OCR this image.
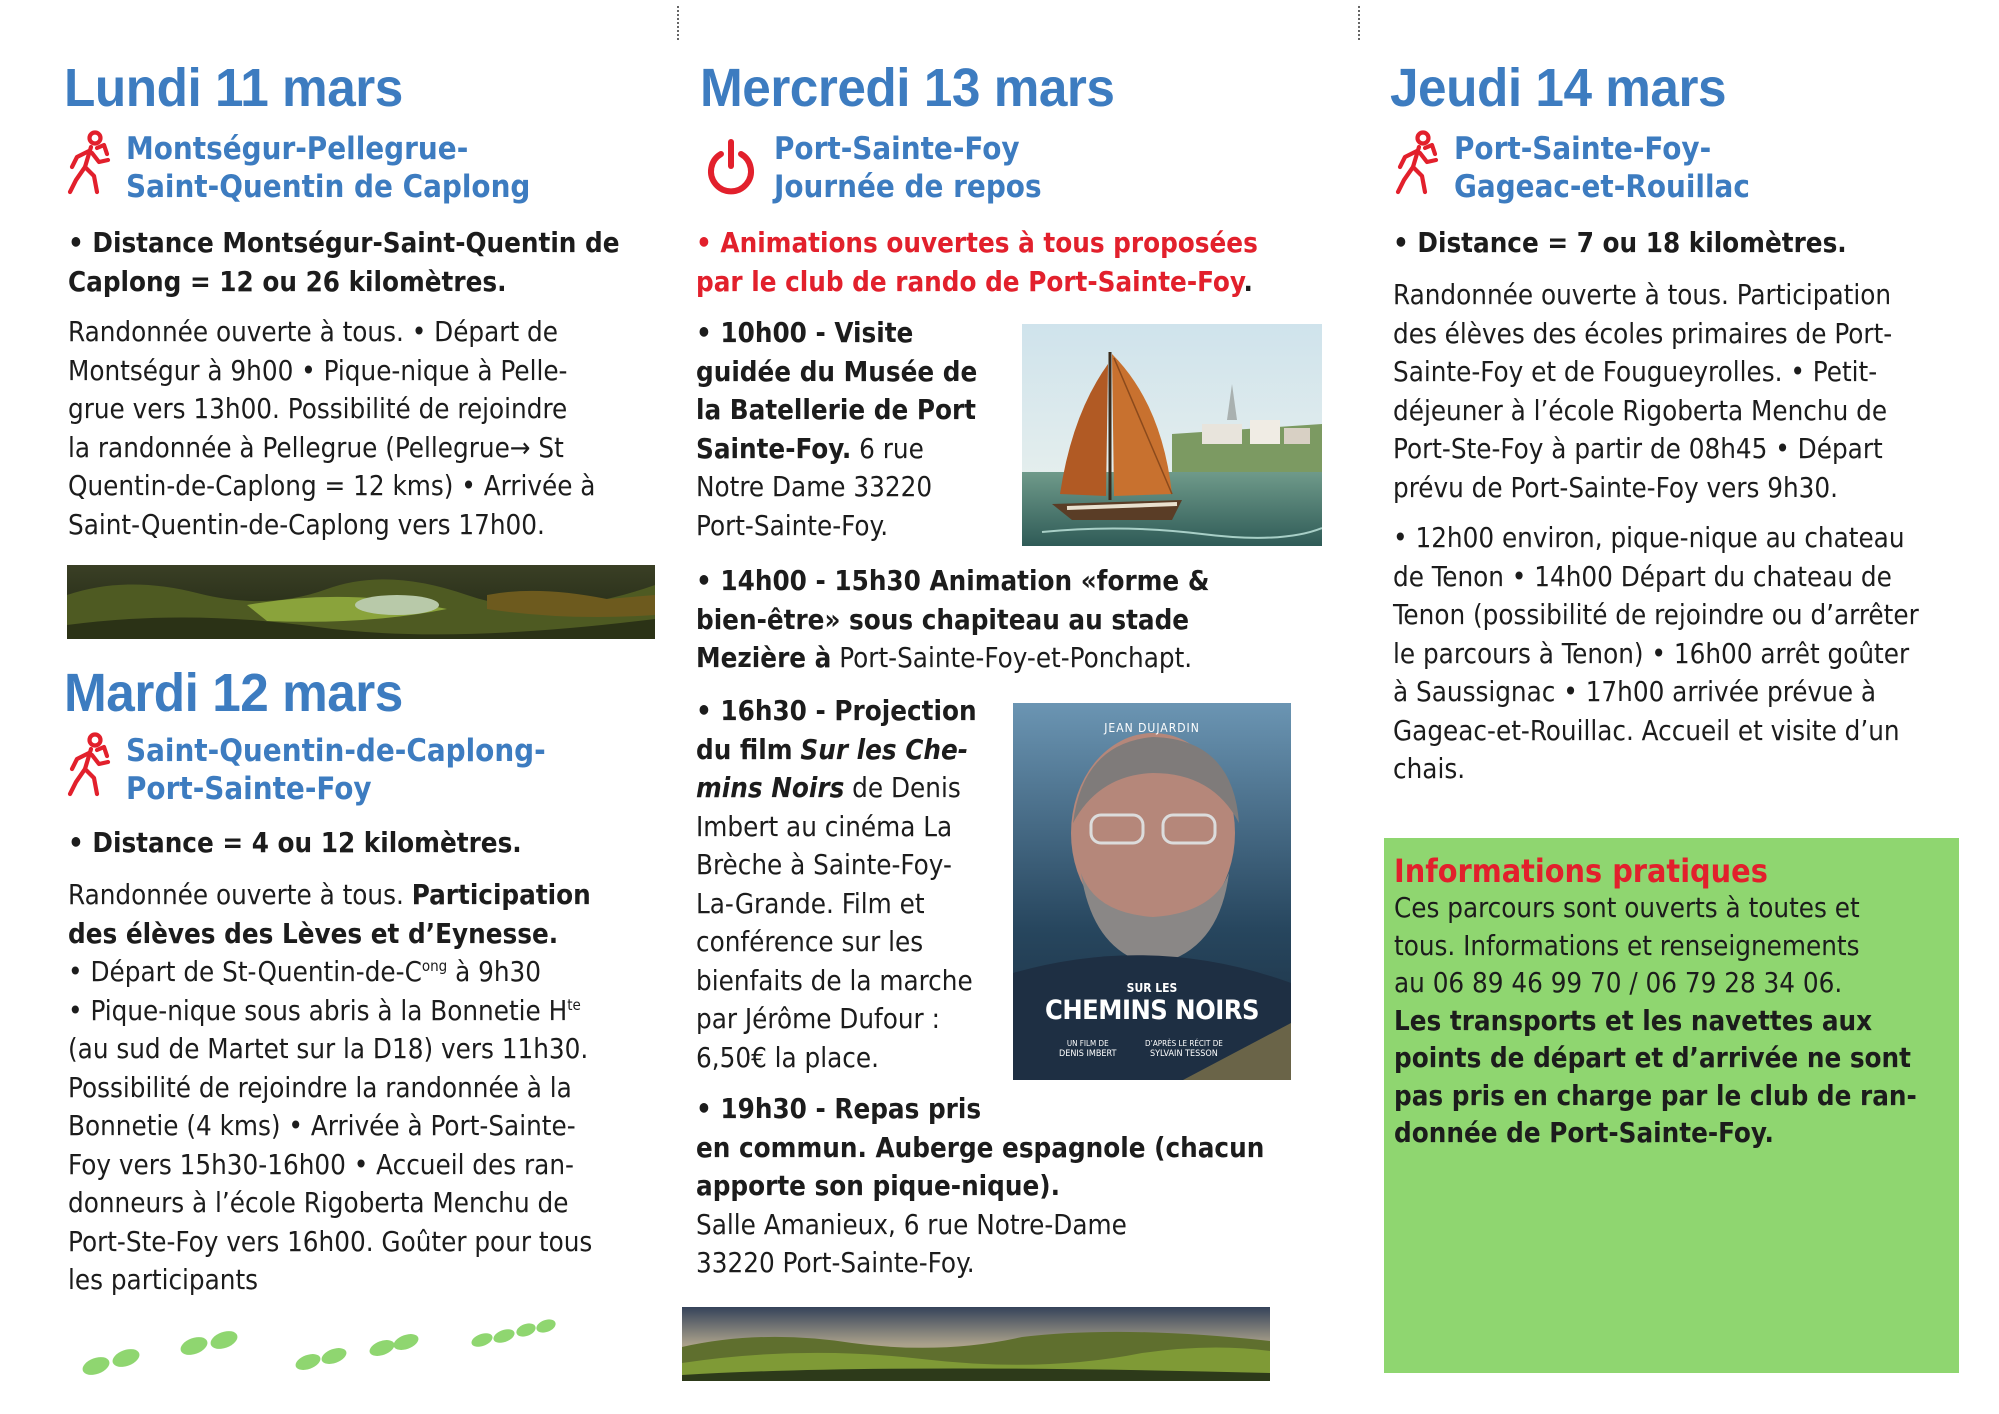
Lundi 11 mars
Montségur-Pellegrue-
Saint-Quentin de Caplong

• Distance Montségur-Saint-Quentin de
Caplong = 12 ou 26 kilomètres.

Randonnée ouverte à tous. • Départ de
Montségur à 9h00 • Pique-nique à Pelle-
grue vers 13h00. Possibilité de rejoindre
la randonnée à Pellegrue (Pellegrue→ St
Quentin-de-Caplong = 12 kms) • Arrivée à
Saint-Quentin-de-Caplong vers 17h00.

Mardi 12 mars
Saint-Quentin-de-Caplong-
Port-Sainte-Foy

• Distance = 4 ou 12 kilomètres.

Randonnée ouverte à tous. Participation
des élèves des Lèves et d’Eynesse.
• Départ de $St-Quentin-de-C^{ong}$ à 9h30
• Pique-nique sous abris à la Bonnetie $H^{te}$
(au sud de Martet sur la D18) vers 11h30.
Possibilité de rejoindre la randonnée à la
Bonnetie (4 kms) • Arrivée à Port-Sainte-
Foy vers 15h30-16h00 • Accueil des ran-
donneurs à l’école Rigoberta Menchu de
Port-Ste-Foy vers 16h00. Goûter pour tous
les participants

Mercredi 13 mars
Port-Sainte-Foy
Journée de repos

• Animations ouvertes à tous proposées
par le club de rando de Port-Sainte-Foy.

• 10h00 - Visite
guidée du Musée de
la Batellerie de Port
Sainte-Foy. 6 rue
Notre Dame 33220
Port-Sainte-Foy.

• 14h00 - 15h30 Animation «forme &
bien-être» sous chapiteau au stade
Mezière à Port-Sainte-Foy-et-Ponchapt.

• 16h30 - Projection
du film Sur les Che-
mins Noirs de Denis
Imbert au cinéma La
Brèche à Sainte-Foy-
La-Grande. Film et
conférence sur les
bienfaits de la marche
par Jérôme Dufour :
6,50€ la place.

JEAN DUJARDIN
SUR LES
CHEMINS NOIRS
UN FILM DE
DENIS IMBERT
D’APRÈS LE RÉCIT DE
SYLVAIN TESSON

• 19h30 - Repas pris
en commun. Auberge espagnole (chacun
apporte son pique-nique).
Salle Amanieux, 6 rue Notre-Dame
33220 Port-Sainte-Foy.

Jeudi 14 mars
Port-Sainte-Foy-
Gageac-et-Rouillac

• Distance = 7 ou 18 kilomètres.

Randonnée ouverte à tous. Participation
des élèves des écoles primaires de Port-
Sainte-Foy et de Fougueyrolles. • Petit-
déjeuner à l’école Rigoberta Menchu de
Port-Ste-Foy à partir de 08h45 • Départ
prévu de Port-Sainte-Foy vers 9h30.

• 12h00 environ, pique-nique au chateau
de Tenon • 14h00 Départ du chateau de
Tenon (possibilité de rejoindre ou d’arrêter
le parcours à Tenon) • 16h00 arrêt goûter
à Saussignac • 17h00 arrivée prévue à
Gageac-et-Rouillac. Accueil et visite d’un
chais.

Informations pratiques
Ces parcours sont ouverts à toutes et
tous. Informations et renseignements
au 06 89 46 99 70 / 06 79 28 34 06.
Les transports et les navettes aux
points de départ et d’arrivée ne sont
pas pris en charge par le club de ran-
donnée de Port-Sainte-Foy.
